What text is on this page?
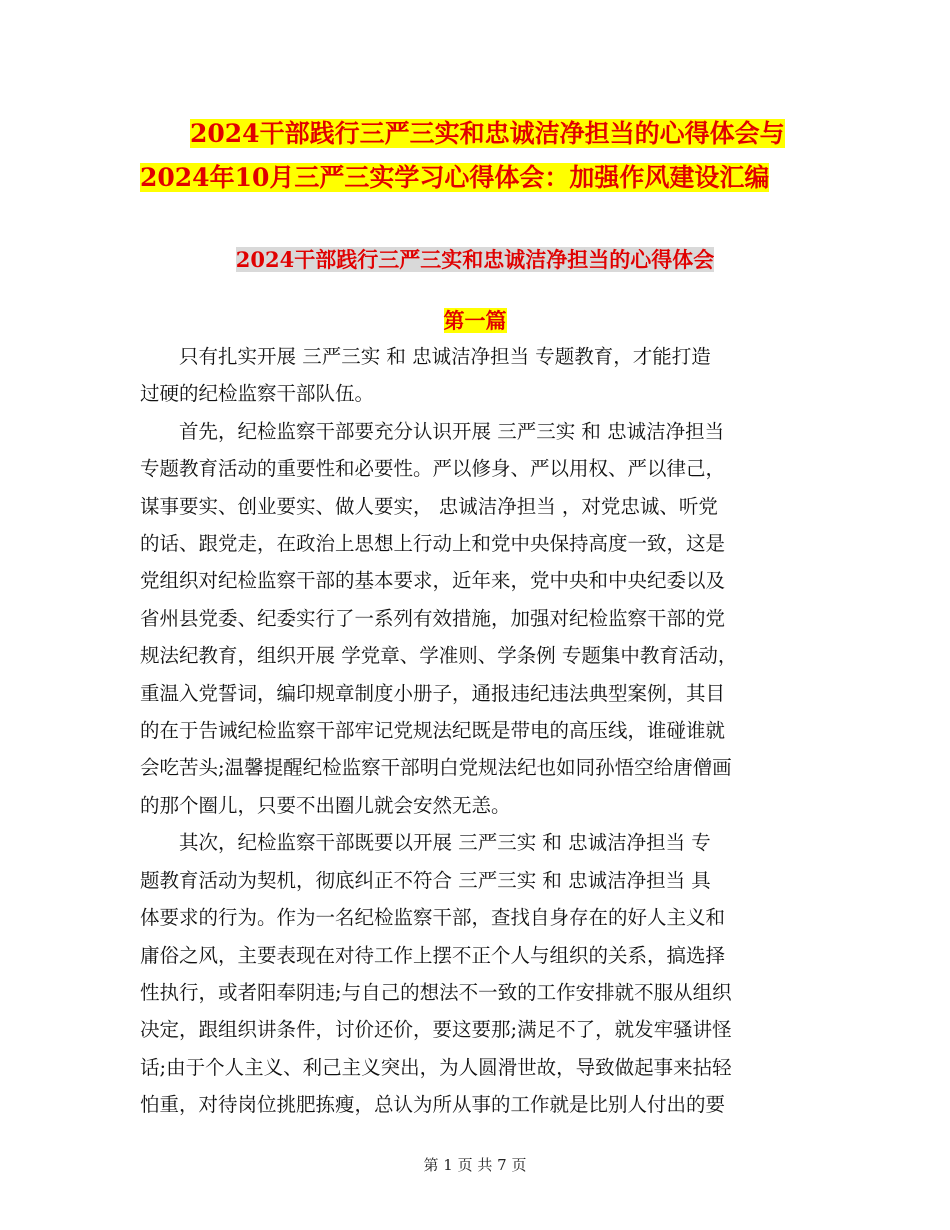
2024干部践行三严三实和忠诚洁净担当的心得体会与
2024年10月三严三实学习心得体会：加强作风建设汇编
2024干部践行三严三实和忠诚洁净担当的心得体会
第一篇

　　只有扎实开展 三严三实 和 忠诚洁净担当 专题教育，才能打造

过硬的纪检监察干部队伍。

　　首先，纪检监察干部要充分认识开展 三严三实 和 忠诚洁净担当

专题教育活动的重要性和必要性。严以修身、严以用权、严以律己，

谋事要实、创业要实、做人要实， 忠诚洁净担当 ，对党忠诚、听党

的话、跟党走，在政治上思想上行动上和党中央保持高度一致，这是

党组织对纪检监察干部的基本要求，近年来，党中央和中央纪委以及

省州县党委、纪委实行了一系列有效措施，加强对纪检监察干部的党

规法纪教育，组织开展 学党章、学准则、学条例 专题集中教育活动，

重温入党誓词，编印规章制度小册子，通报违纪违法典型案例，其目

的在于告诫纪检监察干部牢记党规法纪既是带电的高压线，谁碰谁就

会吃苦头;温馨提醒纪检监察干部明白党规法纪也如同孙悟空给唐僧画

的那个圈儿，只要不出圈儿就会安然无恙。

　　其次，纪检监察干部既要以开展 三严三实 和 忠诚洁净担当 专

题教育活动为契机，彻底纠正不符合 三严三实 和 忠诚洁净担当 具

体要求的行为。作为一名纪检监察干部，查找自身存在的好人主义和

庸俗之风，主要表现在对待工作上摆不正个人与组织的关系，搞选择

性执行，或者阳奉阴违;与自己的想法不一致的工作安排就不服从组织

决定，跟组织讲条件，讨价还价，要这要那;满足不了，就发牢骚讲怪

话;由于个人主义、利己主义突出，为人圆滑世故，导致做起事来拈轻

怕重，对待岗位挑肥拣瘦，总认为所从事的工作就是比别人付出的要

第 1 页 共 7 页
